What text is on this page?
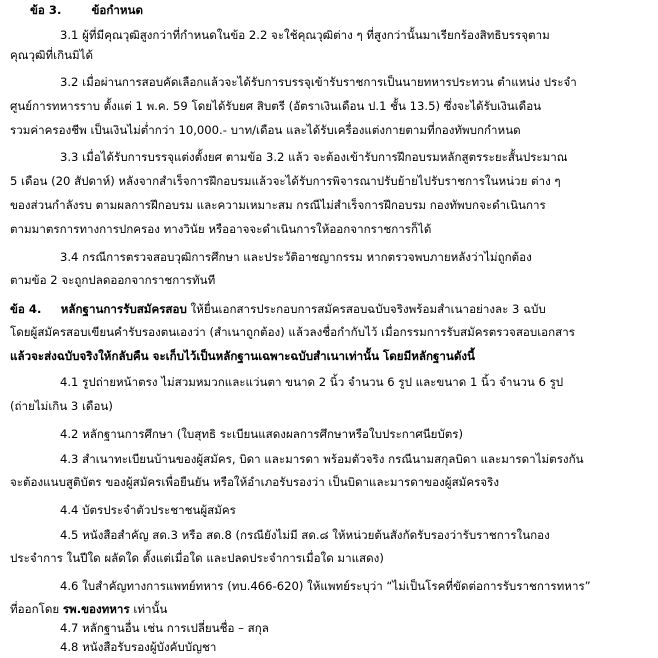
ข้อ 3.	ข้อกำหนด
3.1 ผู้ที่มีคุณวุฒิสูงกว่าที่กำหนดในข้อ 2.2 จะใช้คุณวุฒิต่าง ๆ ที่สูงกว่านั้นมาเรียกร้องสิทธิบรรจุตาม
คุณวุฒิที่เกินมิได้
3.2 เมื่อผ่านการสอบคัดเลือกแล้วจะได้รับการบรรจุเข้ารับราชการเป็นนายทหารประทวน ตำแหน่ง ประจำ
ศูนย์การทหารราบ ตั้งแต่ 1 พ.ค. 59 โดยได้รับยศ สิบตรี (อัตราเงินเดือน ป.1 ชั้น 13.5) ซึ่งจะได้รับเงินเดือน
รวมค่าครองชีพ เป็นเงินไม่ต่ำกว่า 10,000.- บาท/เดือน และได้รับเครื่องแต่งกายตามที่กองทัพบกกำหนด
3.3 เมื่อได้รับการบรรจุแต่งตั้งยศ ตามข้อ 3.2 แล้ว จะต้องเข้ารับการฝึกอบรมหลักสูตรระยะสั้นประมาณ
5 เดือน (20 สัปดาห์) หลังจากสำเร็จการฝึกอบรมแล้วจะได้รับการพิจารณาปรับย้ายไปรับราชการในหน่วย ต่าง ๆ
ของส่วนกำลังรบ ตามผลการฝึกอบรม และความเหมาะสม กรณีไม่สำเร็จการฝึกอบรม กองทัพบกจะดำเนินการ
ตามมาตรการทางการปกครอง ทางวินัย หรืออาจจะดำเนินการให้ออกจากราชการก็ได้
3.4 กรณีการตรวจสอบวุฒิการศึกษา และประวัติอาชญากรรม หากตรวจพบภายหลังว่าไม่ถูกต้อง
ตามข้อ 2 จะถูกปลดออกจากราชการทันที
ข้อ 4. หลักฐานการรับสมัครสอบ ให้ยื่นเอกสารประกอบการสมัครสอบฉบับจริงพร้อมสำเนาอย่างละ 3 ฉบับ
โดยผู้สมัครสอบเขียนคำรับรองตนเองว่า (สำเนาถูกต้อง) แล้วลงชื่อกำกับไว้ เมื่อกรรมการรับสมัครตรวจสอบเอกสาร
แล้วจะส่งฉบับจริงให้กลับคืน จะเก็บไว้เป็นหลักฐานเฉพาะฉบับสำเนาเท่านั้น โดยมีหลักฐานดังนี้
4.1 รูปถ่ายหน้าตรง ไม่สวมหมวกและแว่นตา ขนาด 2 นิ้ว จำนวน 6 รูป และขนาด 1 นิ้ว จำนวน 6 รูป
(ถ่ายไม่เกิน 3 เดือน)
4.2 หลักฐานการศึกษา (ใบสุทธิ ระเบียนแสดงผลการศึกษาหรือใบประกาศนียบัตร)
4.3 สำเนาทะเบียนบ้านของผู้สมัคร, บิดา และมารดา พร้อมตัวจริง กรณีนามสกุลบิดา และมารดาไม่ตรงกัน
จะต้องแนบสูติบัตร ของผู้สมัครเพื่อยืนยัน หรือให้อำเภอรับรองว่า เป็นบิดาและมารดาของผู้สมัครจริง
4.4 บัตรประจำตัวประชาชนผู้สมัคร
4.5 หนังสือสำคัญ สด.3 หรือ สด.8 (กรณียังไม่มี สด.๘ ให้หน่วยต้นสังกัดรับรองว่ารับราชการในกอง
ประจำการ ในปีใด ผลัดใด ตั้งแต่เมื่อใด และปลดประจำการเมื่อใด มาแสดง)
4.6 ใบสำคัญทางการแพทย์ทหาร (ทบ.466-620) ให้แพทย์ระบุว่า “ไม่เป็นโรคที่ขัดต่อการรับราชการทหาร”
ที่ออกโดย รพ.ของทหาร เท่านั้น
4.7 หลักฐานอื่น เช่น การเปลี่ยนชื่อ – สกุล
4.8 หนังสือรับรองผู้บังคับบัญชา
